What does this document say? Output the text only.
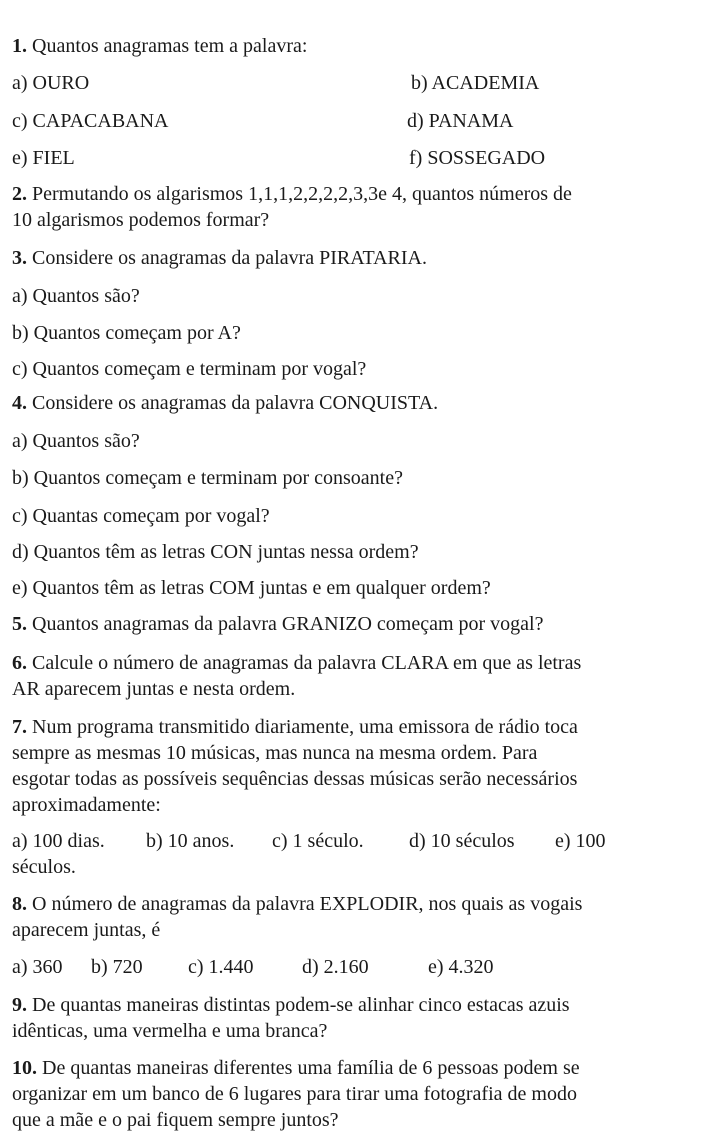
1. Quantos anagramas tem a palavra:
a) OURO	b) ACADEMIA
c) CAPACABANA	d) PANAMA
e) FIEL	f) SOSSEGADO
2. Permutando os algarismos 1,1,1,2,2,2,2,3,3e 4, quantos números de
10 algarismos podemos formar?
3. Considere os anagramas da palavra PIRATARIA.
a) Quantos são?
b) Quantos começam por A?
c) Quantos começam e terminam por vogal?
4. Considere os anagramas da palavra CONQUISTA.
a) Quantos são?
b) Quantos começam e terminam por consoante?
c) Quantas começam por vogal?
d) Quantos têm as letras CON juntas nessa ordem?
e) Quantos têm as letras COM juntas e em qualquer ordem?
5. Quantos anagramas da palavra GRANIZO começam por vogal?
6. Calcule o número de anagramas da palavra CLARA em que as letras
AR aparecem juntas e nesta ordem.
7. Num programa transmitido diariamente, uma emissora de rádio toca
sempre as mesmas 10 músicas, mas nunca na mesma ordem. Para
esgotar todas as possíveis sequências dessas músicas serão necessários
aproximadamente:
a) 100 dias. b) 10 anos. c) 1 século. d) 10 séculos e) 100
séculos.
8. O número de anagramas da palavra EXPLODIR, nos quais as vogais
aparecem juntas, é
a) 360 b) 720 c) 1.440 d) 2.160	e) 4.320
9. De quantas maneiras distintas podem-se alinhar cinco estacas azuis
idênticas, uma vermelha e uma branca?
10. De quantas maneiras diferentes uma família de 6 pessoas podem se
organizar em um banco de 6 lugares para tirar uma fotografia de modo
que a mãe e o pai fiquem sempre juntos?
